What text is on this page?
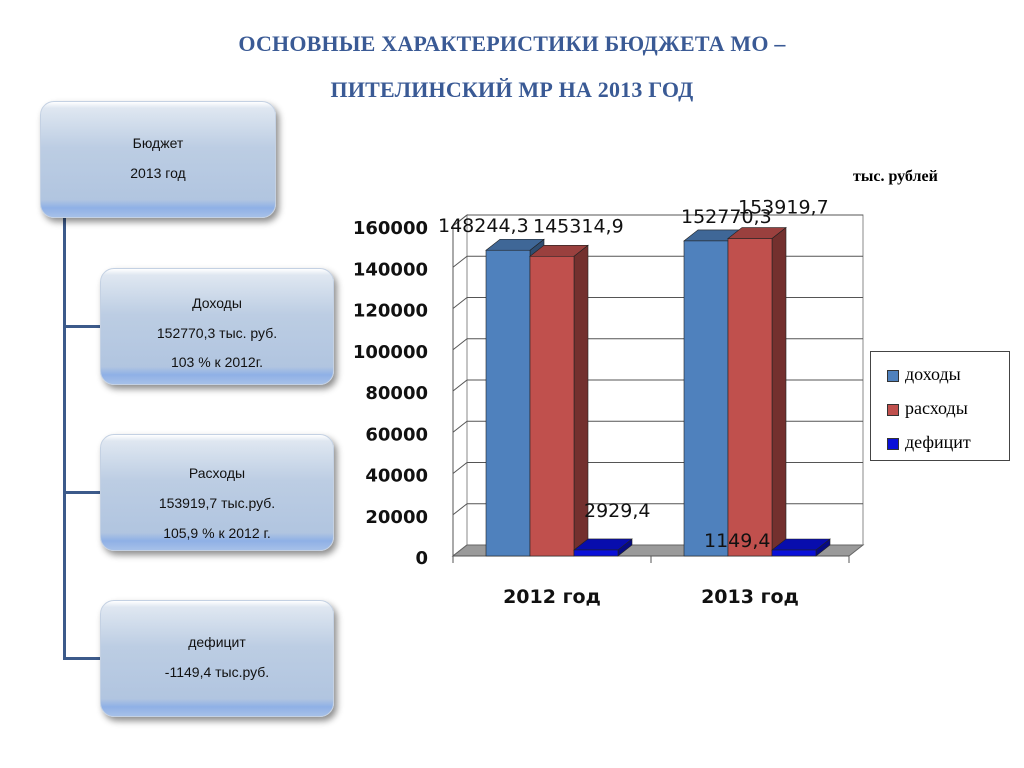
ОСНОВНЫЕ ХАРАКТЕРИСТИКИ БЮДЖЕТА МО –
ПИТЕЛИНСКИЙ МР НА 2013 ГОД
Бюджет
2013 год
Доходы
152770,3 тыс. руб.
103 % к 2012г.
Расходы
153919,7 тыс.руб.
105,9 % к 2012 г.
дефицит
-1149,4 тыс.руб.
тыс. рублей
0
20000
40000
60000
80000
100000
120000
140000
160000 148244,3 145314,9
2929,4
2012 год
152770,3
153919,7
1149,4
2013 год
доходы
расходы
дефицит
